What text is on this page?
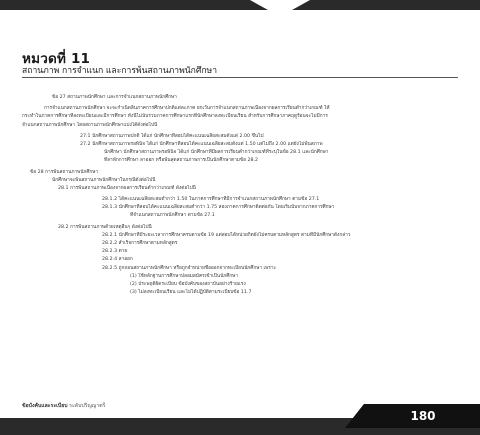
หมวดที่ 11
สถานภาพ การจำแนก และการพ้นสถานภาพนักศึกษา
ข้อ 27 สถานภาพนักศึกษา และการจำแนกสถานภาพนักศึกษา
การจำแนกสถานภาพนักศึกษา จะจะกำเนิดสิ้นภาคการศึกษาปกติแต่ละภาค ยกเว้นการจำแนกสถานภาพเนื่องจากผลการเรียนต่ำกว่าเกณฑ์ ให้
กระทำในภาคการศึกษาที่ลงทะเบียนและมีการศึกษา ทั้งนี้ไม่นับรวมภาคการศึกษาแรกที่นักศึกษาลงทะเบียนเรียน สำหรับการศึกษาภาคฤดูร้อนจะไม่มีการ
จำแนกสถานภาพนักศึกษา โดยสถานภาพนักศึกษาแบ่งได้ดังต่อไปนี้
27.1 นักศึกษาสถานภาพปกติ ได้แก่ นักศึกษาที่สอบได้คะแนนเฉลี่ยสะสมตั้งแต่ 2.00 ขึ้นไป
27.2 นักศึกษาสถานภาพรอพินิจ ได้แก่ นักศึกษาที่สอบได้คะแนนเฉลี่ยสะสมตั้งแต่ 1.50 แต่ไม่ถึง 2.00 แต่ยังไม่พ้นสภาพ
นักศึกษา นักศึกษาสถานภาพรอพินิจ ได้แก่ นักศึกษาที่มีผลการเรียนต่ำกว่าเกณฑ์ที่ระบุในข้อ 28.1 และนักศึกษา
ที่ลาพักการศึกษา ลาออก หรือพ้นสุดสถานภาพการเป็นนักศึกษาตามข้อ 28.2
ข้อ 28 การพ้นสถานภาพนักศึกษา
นักศึกษาจะพ้นสถานภาพนักศึกษาในกรณีดังต่อไปนี้
28.1 การพ้นสถานภาพเนื่องจากผลการเรียนต่ำกว่าเกณฑ์ ดังต่อไปนี้
28.1.2 ได้คะแนนเฉลี่ยสะสมต่ำกว่า 1.50 ในภาคการศึกษาที่มีการจำแนกสถานภาพนักศึกษา ตามข้อ 27.1
28.1.3 นักศึกษาที่สอบได้คะแนนเฉลี่ยสะสมต่ำกว่า 1.75 สองภาคการศึกษาติดต่อกัน โดยเริ่มนับจากภาคการศึกษา
ที่จำแนกสถานภาพนักศึกษา ตามข้อ 27.1
28.2 การพ้นสถานภาพด้วยเหตุอื่นๆ ดังต่อไปนี้
28.2.1 นักศึกษาที่มีระยะเวลาการศึกษาครบตามข้อ 19 แต่สอบได้หน่วยกิตยังไม่ครบตามหลักสูตร ตามที่มีนักศึกษาดังกล่าว
28.2.2 สำเร็จการศึกษาตามหลักสูตร
28.2.3 ตาย
28.2.4 ลาออก
28.2.5 ถูกถอนสถานภาพนักศึกษา หรือถูกจำหน่ายชื่อออกจากทะเบียนนักศึกษา เพราะ
(1) ใช้หลักฐานการศึกษาปลอมสมัครเข้าเป็นนักศึกษา
(2) ประพฤติผิดระเบียบ ข้อบังคับของสถาบันอย่างร้ายแรง
(3) ไม่ลงทะเบียนเรียน และไม่ได้ปฏิบัติตามระเบียบข้อ 11.7
ข้อบังคับและระเบียบ ระดับปริญญาตรี
180
